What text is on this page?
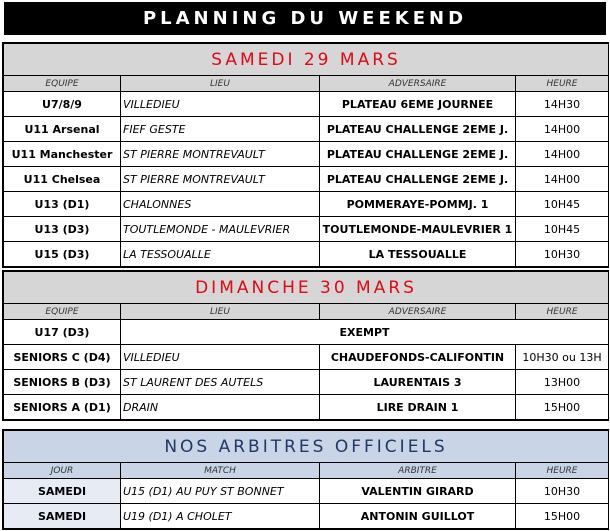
PLANNING DU WEEKEND
SAMEDI 29 MARS			
EQUIPE	LIEU	ADVERSAIRE	HEURE
U7/8/9	VILLEDIEU	PLATEAU 6EME JOURNEE	14H30
U11 Arsenal	FIEF GESTE	PLATEAU CHALLENGE 2EME J.	14H00
U11 Manchester	ST PIERRE MONTREVAULT	PLATEAU CHALLENGE 2EME J.	14H00
U11 Chelsea	ST PIERRE MONTREVAULT	PLATEAU CHALLENGE 2EME J.	14H00
U13 (D1)	CHALONNES	POMMERAYE-POMMJ. 1	10H45
U13 (D3)	TOUTLEMONDE - MAULEVRIER	TOUTLEMONDE-MAULEVRIER 1	10H45
U15 (D3)	LA TESSOUALLE	LA TESSOUALLE	10H30
DIMANCHE 30 MARS			
EQUIPE	LIEU	ADVERSAIRE	HEURE
U17 (D3)	EXEMPT		
SENIORS C (D4)	VILLEDIEU	CHAUDEFONDS-CALIFONTIN	10H30 ou 13H
SENIORS B (D3)	ST LAURENT DES AUTELS	LAURENTAIS 3	13H00
SENIORS A (D1)	DRAIN	LIRE DRAIN 1	15H00
NOS ARBITRES OFFICIELS			
JOUR	MATCH	ARBITRE	HEURE
SAMEDI	U15 (D1) AU PUY ST BONNET	VALENTIN GIRARD	10H30
SAMEDI	U19 (D1) A CHOLET	ANTONIN GUILLOT	15H00
